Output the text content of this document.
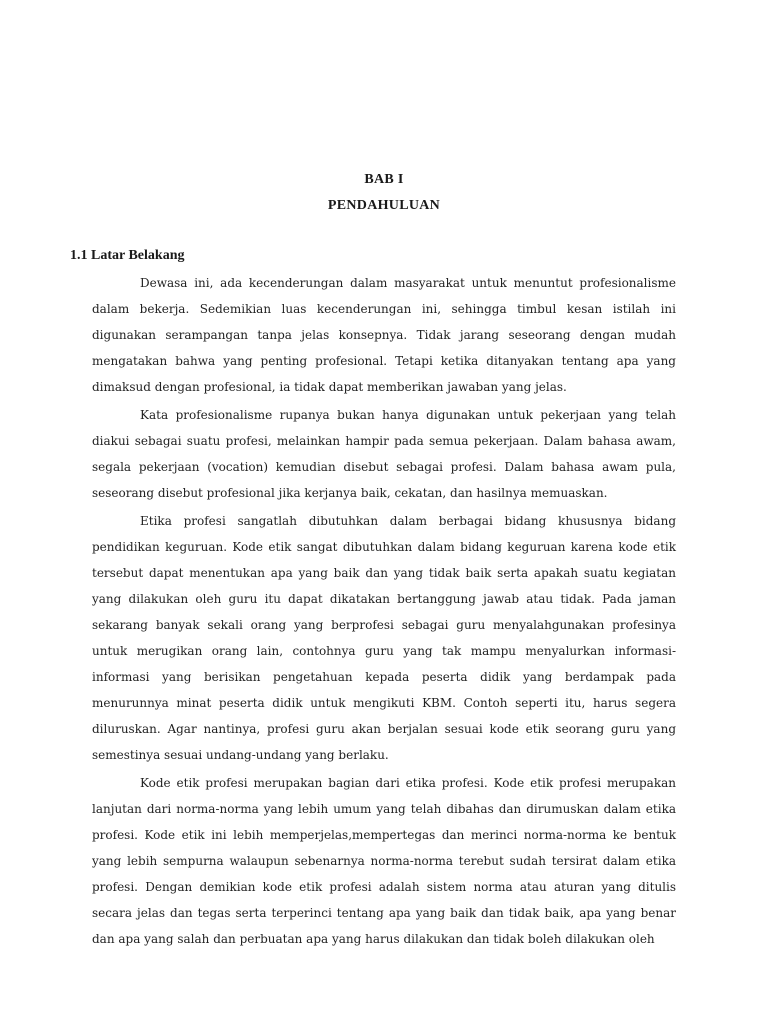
BAB I
PENDAHULUAN
1.1 Latar Belakang

Dewasa ini, ada kecenderungan dalam masyarakat untuk menuntut profesionalisme dalam bekerja. Sedemikian luas kecenderungan ini, sehingga timbul kesan istilah ini digunakan serampangan tanpa jelas konsepnya. Tidak jarang seseorang dengan mudah mengatakan bahwa yang penting profesional. Tetapi ketika ditanyakan tentang apa yang dimaksud dengan profesional, ia tidak dapat memberikan jawaban yang jelas.

Kata profesionalisme rupanya bukan hanya digunakan untuk pekerjaan yang telah diakui sebagai suatu profesi, melainkan hampir pada semua pekerjaan. Dalam bahasa awam, segala pekerjaan (vocation) kemudian disebut sebagai profesi. Dalam bahasa awam pula, seseorang disebut profesional jika kerjanya baik, cekatan, dan hasilnya memuaskan.

Etika profesi sangatlah dibutuhkan dalam berbagai bidang khususnya bidang pendidikan keguruan. Kode etik sangat dibutuhkan dalam bidang keguruan karena kode etik tersebut dapat menentukan apa yang baik dan yang tidak baik serta apakah suatu kegiatan yang dilakukan oleh guru itu dapat dikatakan bertanggung jawab atau tidak. Pada jaman sekarang banyak sekali orang yang berprofesi sebagai guru menyalahgunakan profesinya untuk merugikan orang lain, contohnya guru yang tak mampu menyalurkan informasi-informasi yang berisikan pengetahuan kepada peserta didik yang berdampak pada menurunnya minat peserta didik untuk mengikuti KBM. Contoh seperti itu, harus segera diluruskan. Agar nantinya, profesi guru akan berjalan sesuai kode etik seorang guru yang semestinya sesuai undang-undang yang berlaku.

Kode etik profesi merupakan bagian dari etika profesi. Kode etik profesi merupakan lanjutan dari norma-norma yang lebih umum yang telah dibahas dan dirumuskan dalam etika profesi. Kode etik ini lebih memperjelas,mempertegas dan merinci norma-norma ke bentuk yang lebih sempurna walaupun sebenarnya norma-norma terebut sudah tersirat dalam etika profesi. Dengan demikian kode etik profesi adalah sistem norma atau aturan yang ditulis secara jelas dan tegas serta terperinci tentang apa yang baik dan tidak baik, apa yang benar dan apa yang salah dan perbuatan apa yang harus dilakukan dan tidak boleh dilakukan oleh
